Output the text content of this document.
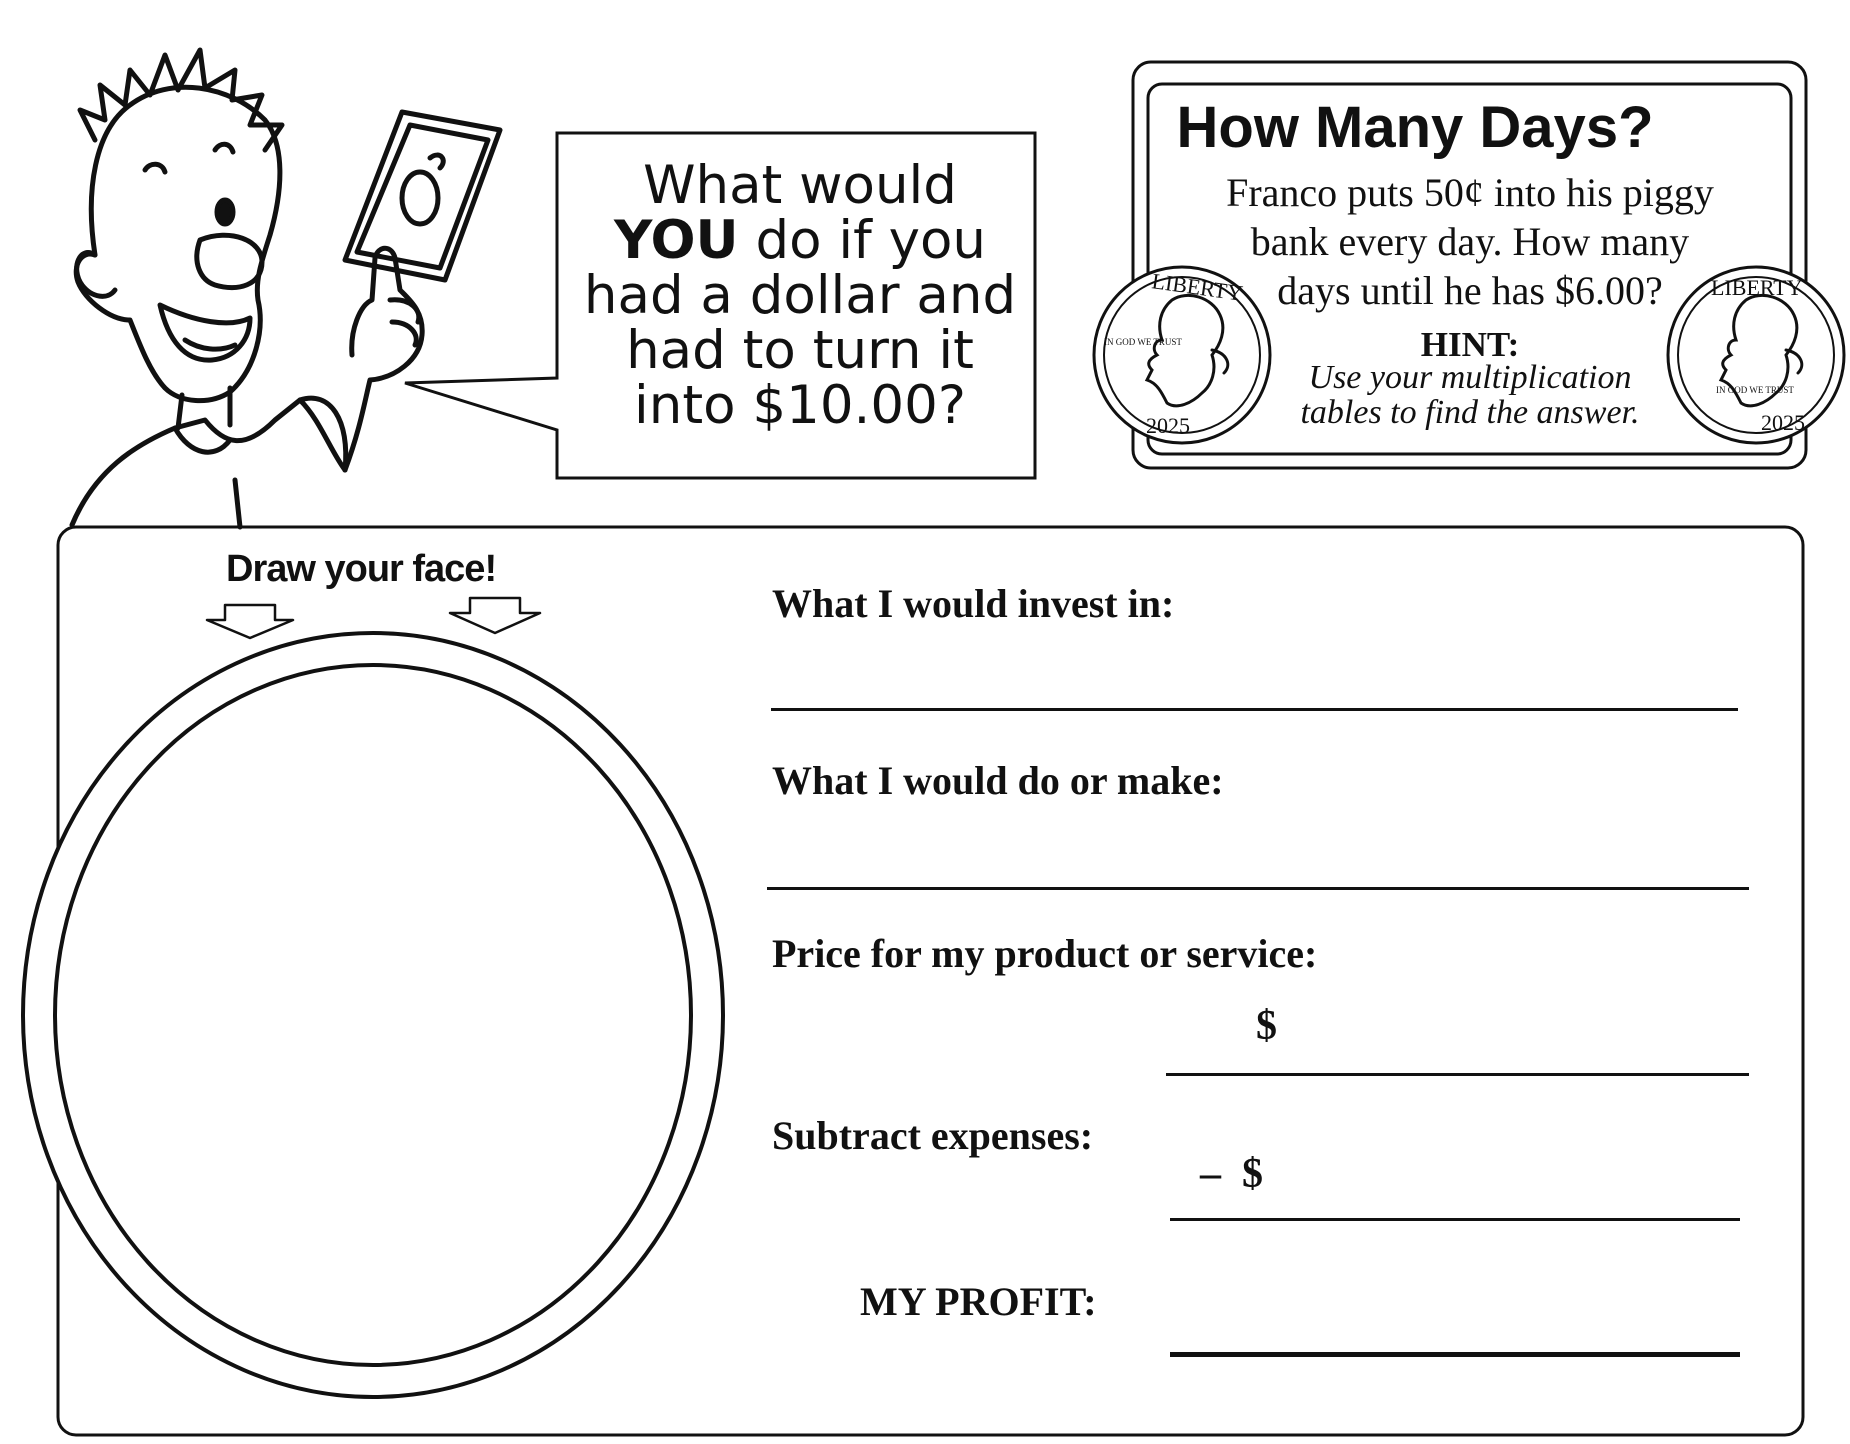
LIBERTY
IN GOD WE TRUST
2025
LIBERTY
IN GOD WE TRUST
2025
What would
YOU do if you
had a dollar and
had to turn it
into $10.00?
How Many Days?
Franco puts 50¢ into his piggy
bank every day. How many
days until he has $6.00?
HINT:
Use your multiplication
tables to find the answer.
Draw your face!
What I would invest in:
What I would do or make:
Price for my product or service:
$
Subtract expenses:
–  $
MY PROFIT:
